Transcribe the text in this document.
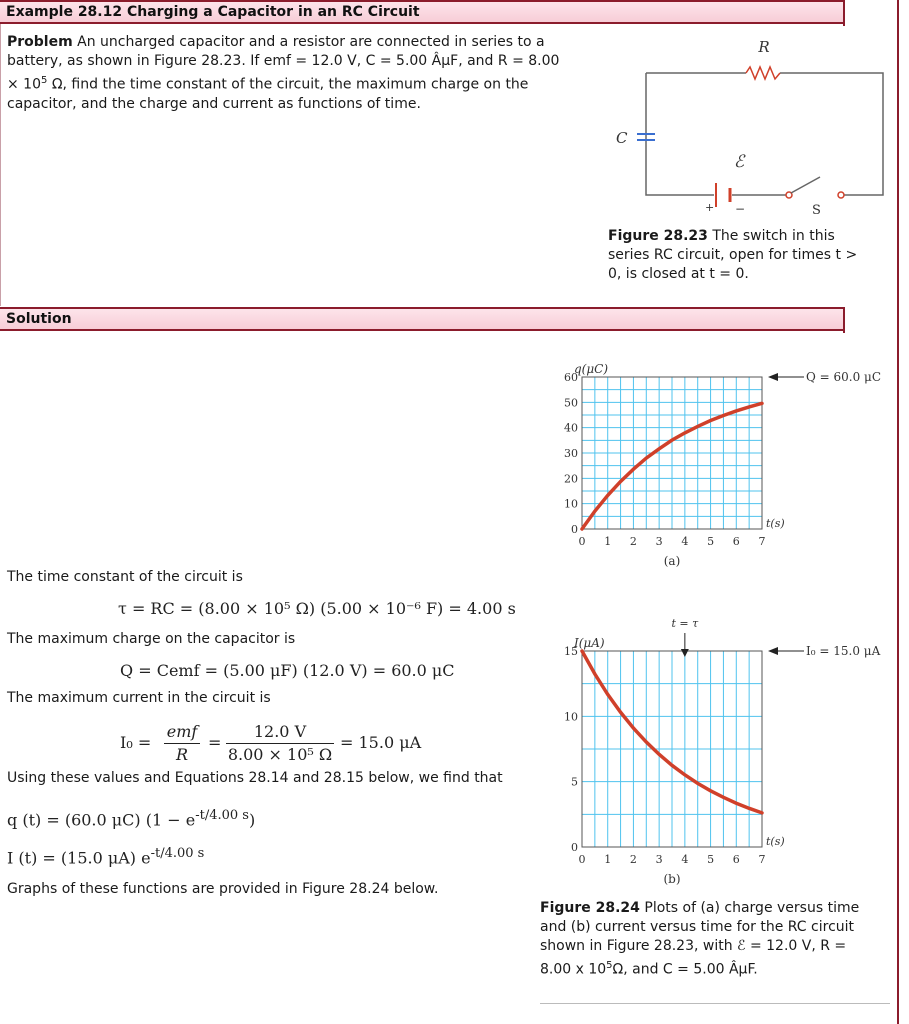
Example 28.12 Charging a Capacitor in an RC Circuit
Problem An uncharged capacitor and a resistor are connected in series to a
battery, as shown in Figure 28.23. If emf = 12.0 V, C = 5.00 ÂµF, and R = 8.00
× $10^5$ Ω, find the time constant of the circuit, the maximum charge on the
capacitor, and the charge and current as functions of time.
R
C
ℰ
+ −	S
Figure 28.23 The switch in this
series RC circuit, open for times t >
0, is closed at t = 0.
Solution
The time constant of the circuit is
τ = RC = (8.00 × 10⁵ Ω) (5.00 × 10⁻⁶ F) = 4.00 s
The maximum charge on the capacitor is
Q = Cemf = (5.00 μF) (12.0 V) = 60.0 μC
The maximum current in the circuit is
I₀ =
emf
R
=
12.0 V
8.00 × 10⁵ Ω
= 15.0 μA
Using these values and Equations 28.14 and 28.15 below, we find that
q (t) = (60.0 μC) $(1 - e^{-t/4.00 s})$
I (t) = (15.0 μA) $e^{-t/4.00 s}$
Graphs of these functions are provided in Figure 28.24 below.
0 1 2 3 4 5 6 7
0
10
20
30
40
50
60
q(μC)
t(s)
(a)
Q = 60.0 μC
0 1 2 3 4 5 6 7
0
5
10
15
I(μA)
t(s)
(b)
I₀ = 15.0 μA
t = τ
Figure 28.24 Plots of (a) charge versus time
and (b) current versus time for the RC circuit
shown in Figure 28.23, with ℰ = 12.0 V, R =
8.00 x $10^5\Omega$, and C = 5.00 ÂµF.
